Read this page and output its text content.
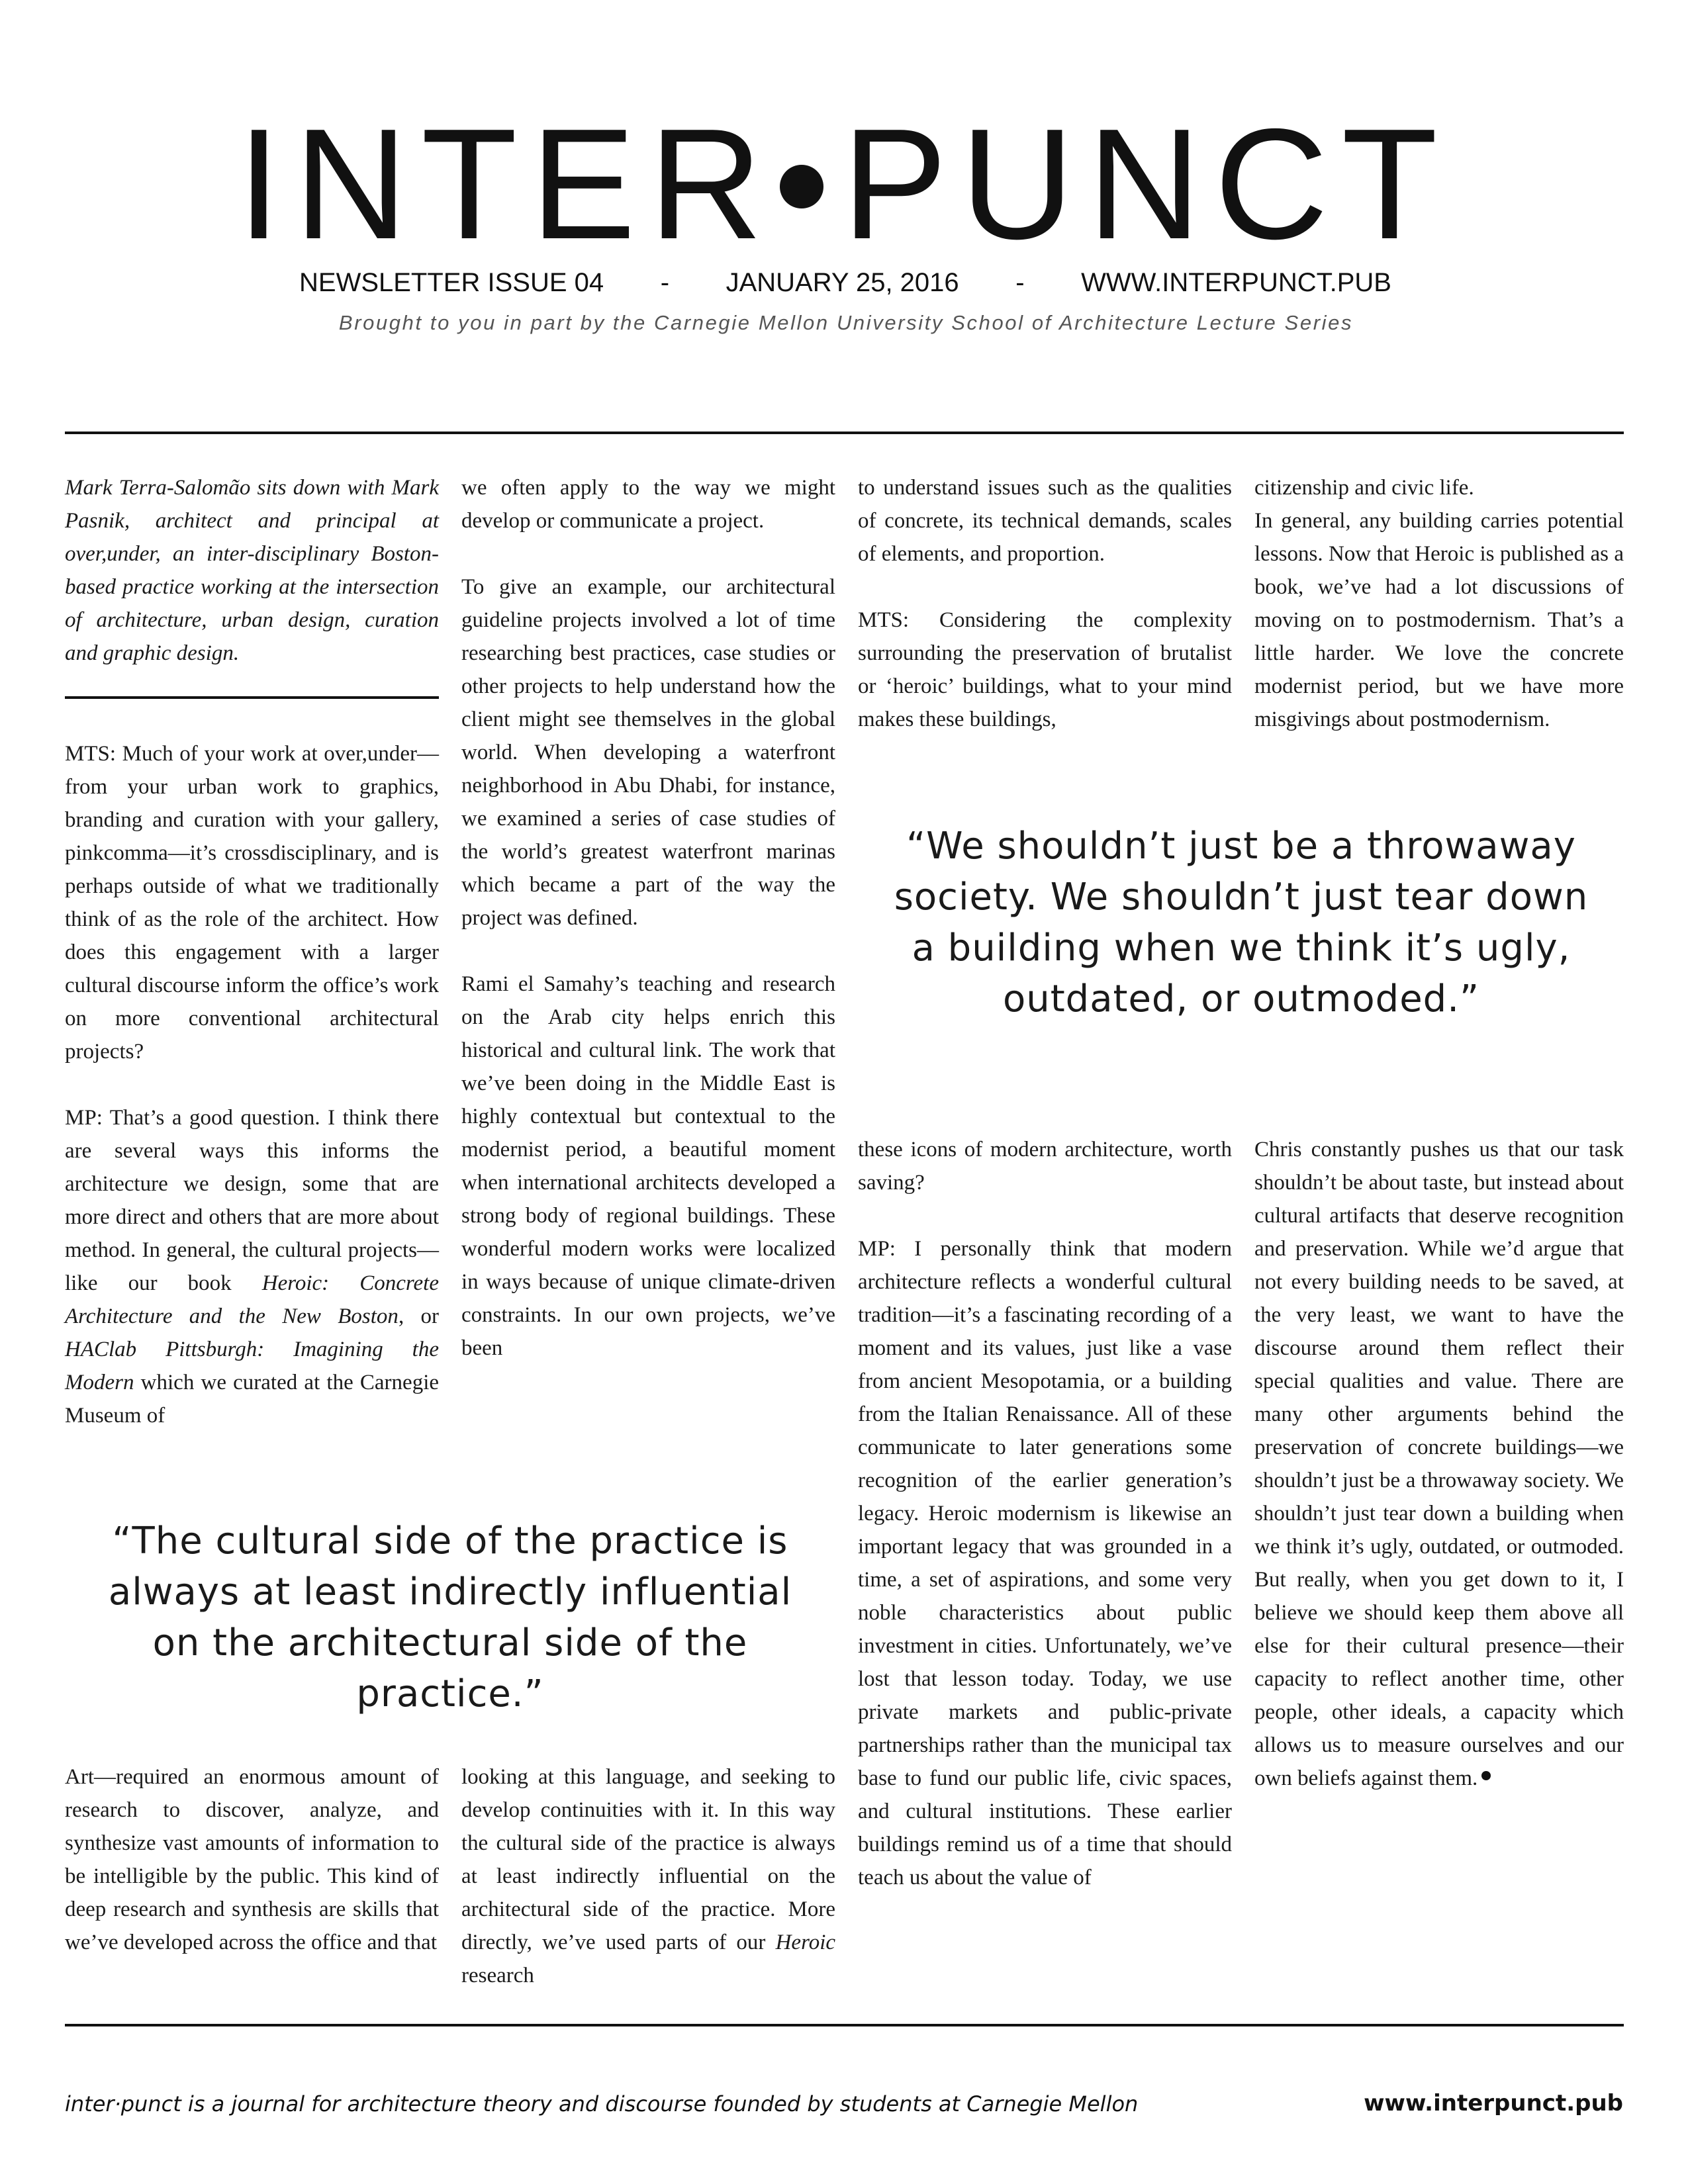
INTER PUNCT
NEWSLETTER ISSUE 04 - JANUARY 25, 2016 - WWW.INTERPUNCT.PUB
Brought to you in part by the Carnegie Mellon University School of Architecture Lecture Series

Mark Terra-Salomão sits down with Mark Pasnik, architect and principal at over,under, an inter-disciplinary Boston-based practice working at the intersection of architecture, urban design, curation and graphic design.

MTS: Much of your work at over,under—from your urban work to graphics, branding and curation with your gallery, pinkcomma—it’s crossdisciplinary, and is perhaps outside of what we traditionally think of as the role of the architect. How does this engagement with a larger cultural discourse inform the office’s work on more conventional architectural projects?

MP: That’s a good question. I think there are several ways this informs the architecture we design, some that are more direct and others that are more about method. In general, the cultural projects—like our book Heroic: Concrete Architecture and the New Boston, or HAClab Pittsburgh: Imagining the Modern which we curated at the Carnegie Museum of

we often apply to the way we might develop or communicate a project.

To give an example, our architectural guideline projects involved a lot of time researching best practices, case studies or other projects to help understand how the client might see themselves in the global world. When developing a waterfront neighborhood in Abu Dhabi, for instance, we examined a series of case studies of the world’s greatest waterfront marinas which became a part of the way the project was defined.

Rami el Samahy’s teaching and research on the Arab city helps enrich this historical and cultural link. The work that we’ve been doing in the Middle East is highly contextual but contextual to the modernist period, a beautiful moment when international architects developed a strong body of regional buildings. These wonderful modern works were localized in ways because of unique climate-driven constraints. In our own projects, we’ve been

to understand issues such as the qualities of concrete, its technical demands, scales of elements, and proportion.

MTS: Considering the complexity surrounding the preservation of brutalist or ‘heroic’ buildings, what to your mind makes these buildings,

citizenship and civic life.

In general, any building carries potential lessons. Now that Heroic is published as a book, we’ve had a lot discussions of moving on to postmodernism. That’s a little harder. We love the concrete modernist period, but we have more misgivings about postmodernism.

“We shouldn’t just be a throwaway society. We shouldn’t just tear down a building when we think it’s ugly, outdated, or outmoded.”

these icons of modern architecture, worth saving?

MP: I personally think that modern architecture reflects a wonderful cultural tradition—it’s a fascinating recording of a moment and its values, just like a vase from ancient Mesopotamia, or a building from the Italian Renaissance. All of these communicate to later generations some recognition of the earlier generation’s legacy. Heroic modernism is likewise an important legacy that was grounded in a time, a set of aspirations, and some very noble characteristics about public investment in cities. Unfortunately, we’ve lost that lesson today. Today, we use private markets and public-private partnerships rather than the municipal tax base to fund our public life, civic spaces, and cultural institutions. These earlier buildings remind us of a time that should teach us about the value of

Chris constantly pushes us that our task shouldn’t be about taste, but instead about cultural artifacts that deserve recognition and preservation. While we’d argue that not every building needs to be saved, at the very least, we want to have the discourse around them reflect their special qualities and value. There are many other arguments behind the preservation of concrete buildings—we shouldn’t just be a throwaway society. We shouldn’t just tear down a building when we think it’s ugly, outdated, or outmoded. But really, when you get down to it, I believe we should keep them above all else for their cultural presence—their capacity to reflect another time, other people, other ideals, a capacity which allows us to measure ourselves and our own beliefs against them.

“The cultural side of the practice is always at least indirectly influential on the architectural side of the practice.”

Art—required an enormous amount of research to discover, analyze, and synthesize vast amounts of information to be intelligible by the public. This kind of deep research and synthesis are skills that we’ve developed across the office and that

looking at this language, and seeking to develop continuities with it. In this way the cultural side of the practice is always at least indirectly influential on the architectural side of the practice. More directly, we’ve used parts of our Heroic research

inter·punct is a journal for architecture theory and discourse founded by students at Carnegie Mellon	www.interpunct.pub
